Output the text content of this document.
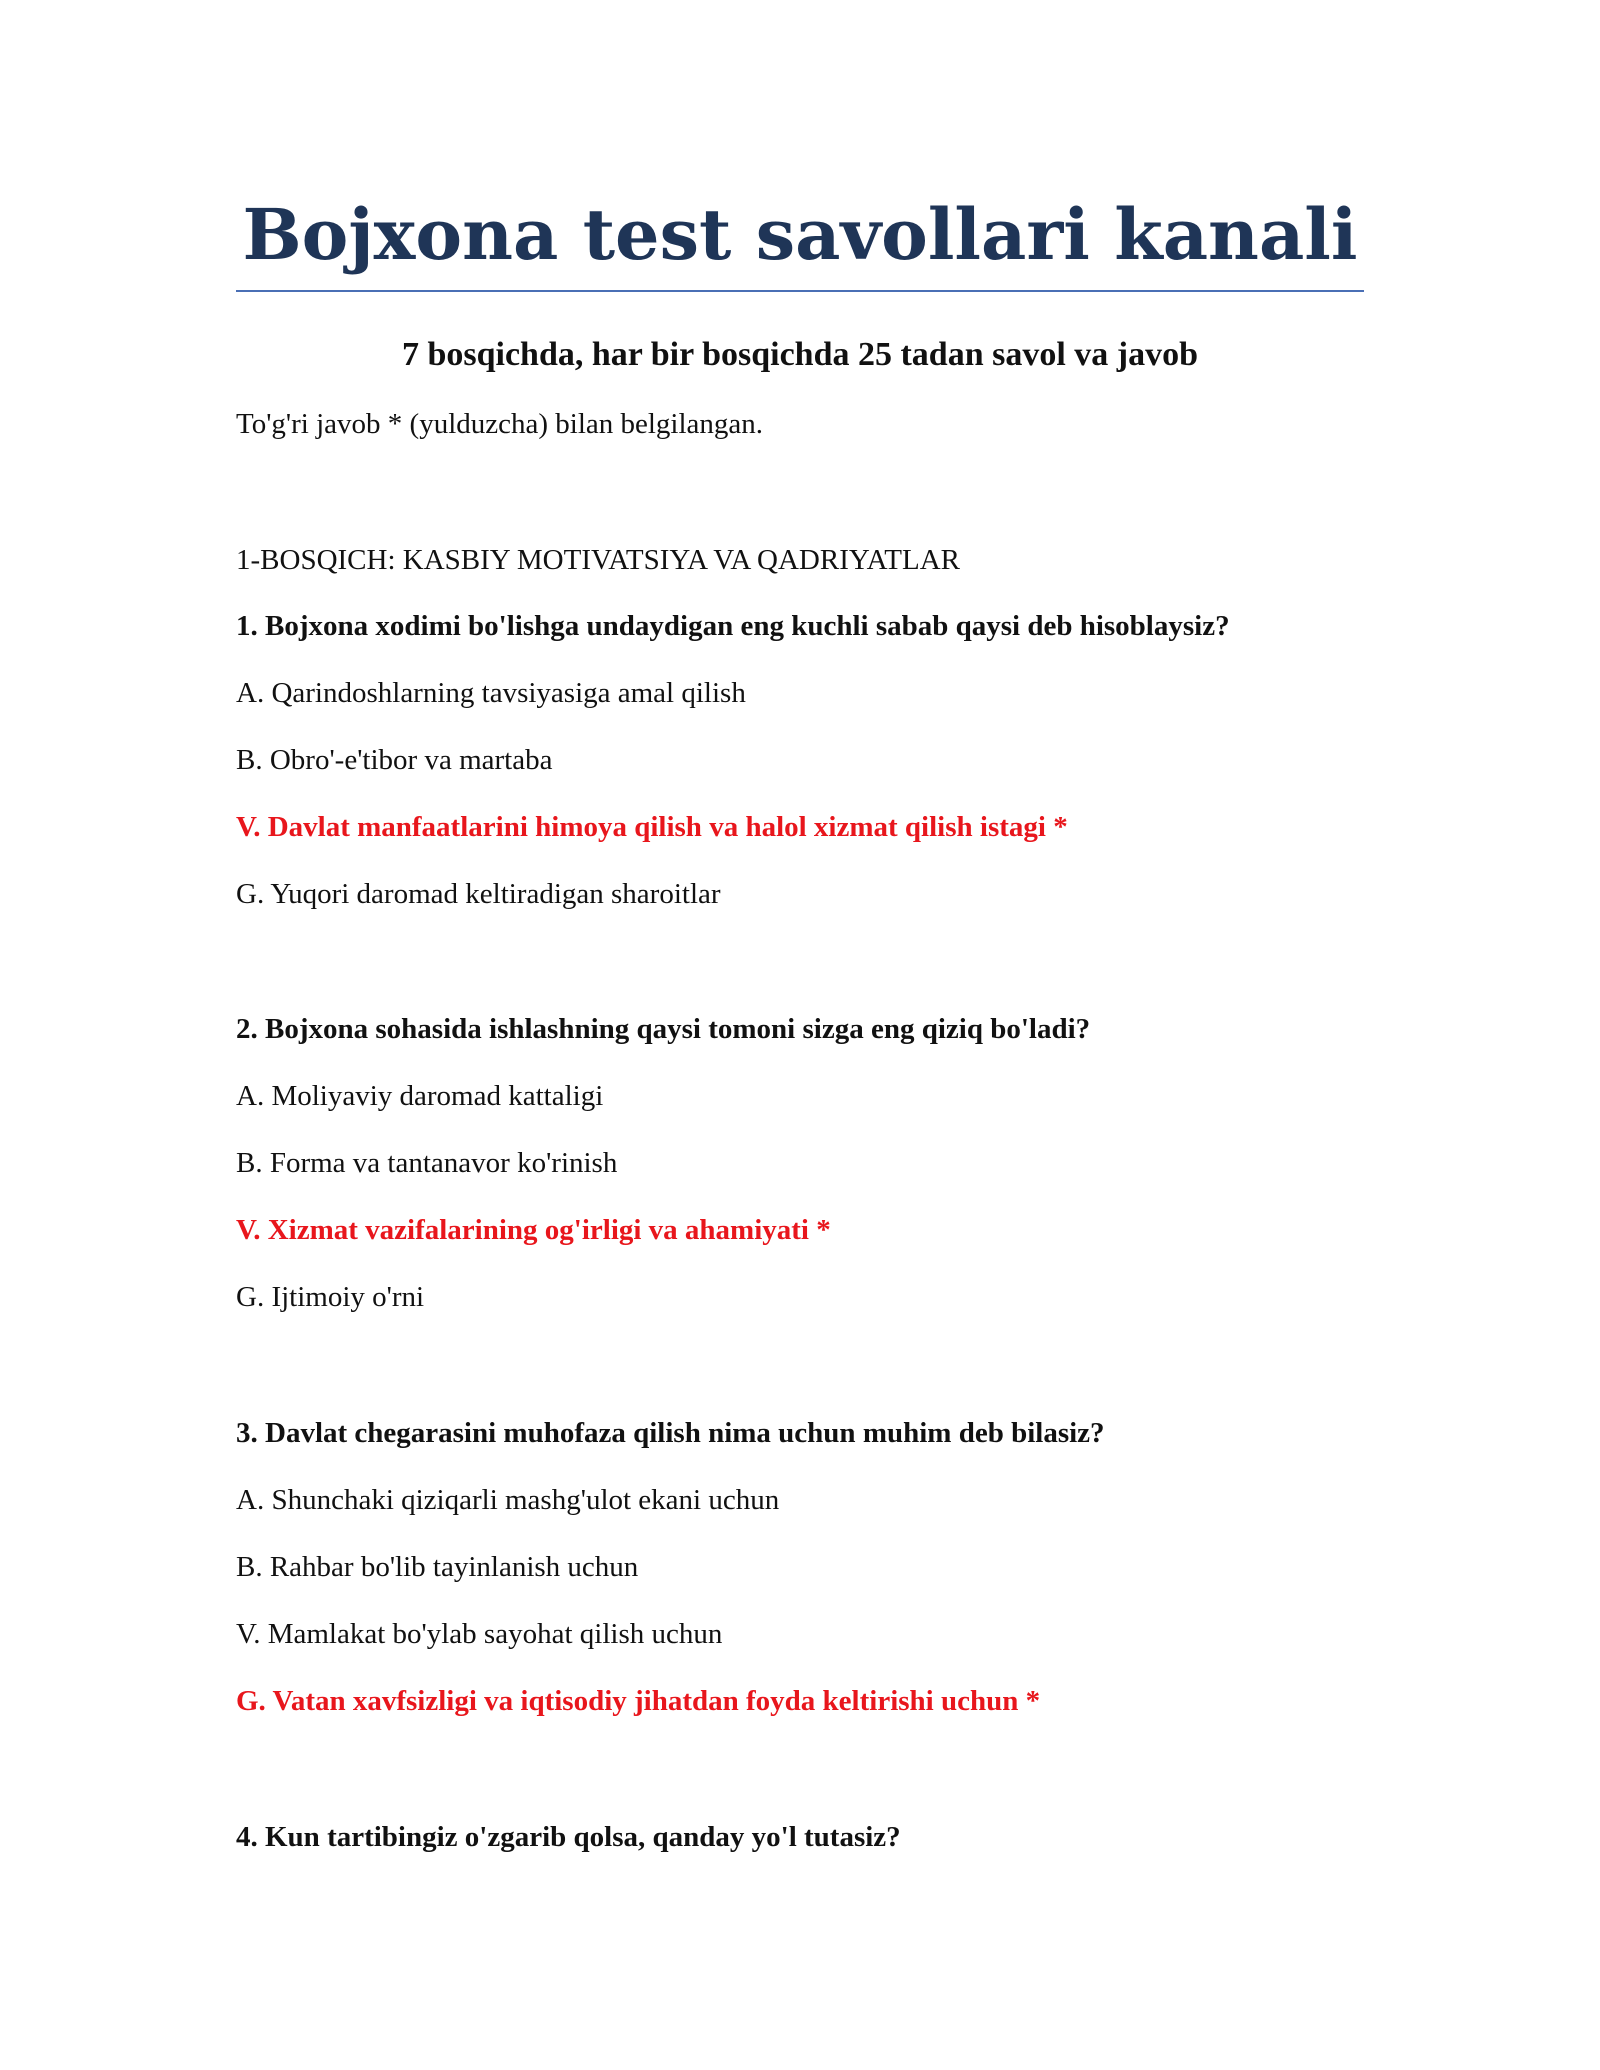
Bojxona test savollari kanali

7 bosqichda, har bir bosqichda 25 tadan savol va javob

To'g'ri javob * (yulduzcha) bilan belgilangan.

1-BOSQICH: KASBIY MOTIVATSIYA VA QADRIYATLAR

1. Bojxona xodimi bo'lishga undaydigan eng kuchli sabab qaysi deb hisoblaysiz?

A. Qarindoshlarning tavsiyasiga amal qilish

B. Obro'-e'tibor va martaba

V. Davlat manfaatlarini himoya qilish va halol xizmat qilish istagi *

G. Yuqori daromad keltiradigan sharoitlar

2. Bojxona sohasida ishlashning qaysi tomoni sizga eng qiziq bo'ladi?

A. Moliyaviy daromad kattaligi

B. Forma va tantanavor ko'rinish

V. Xizmat vazifalarining og'irligi va ahamiyati *

G. Ijtimoiy o'rni

3. Davlat chegarasini muhofaza qilish nima uchun muhim deb bilasiz?

A. Shunchaki qiziqarli mashg'ulot ekani uchun

B. Rahbar bo'lib tayinlanish uchun

V. Mamlakat bo'ylab sayohat qilish uchun

G. Vatan xavfsizligi va iqtisodiy jihatdan foyda keltirishi uchun *

4. Kun tartibingiz o'zgarib qolsa, qanday yo'l tutasiz?
